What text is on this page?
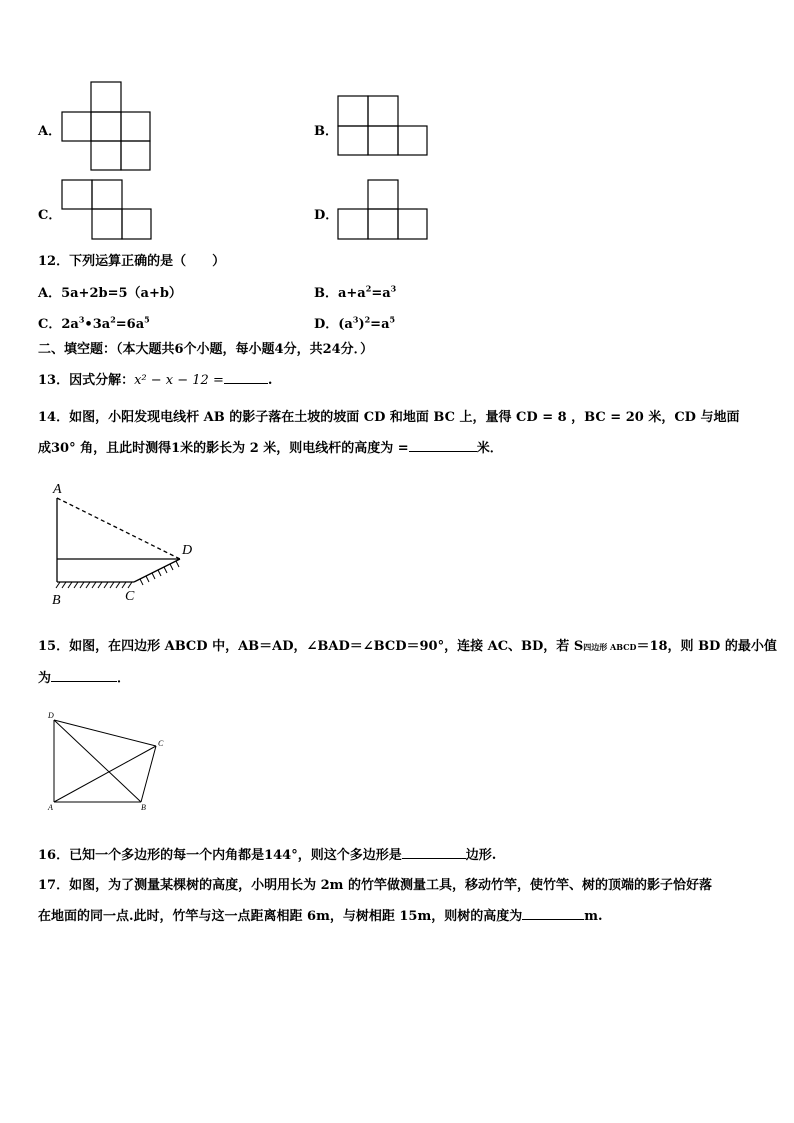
A．	B．
C．	D．
12．下列运算正确的是（　　）
A．5a+2b=5（a+b）	B．$a+a^2=a^3$
C．$2a^3•3a^2=6a^5$	D．$(a^3)^2=a^5$
二、填空题：（本大题共6个小题，每小题4分，共24分．）
13．因式分解：x² − x − 12 =	.
14．如图，小阳发现电线杆 AB 的影子落在土坡的坡面 CD 和地面 BC 上，量得 CD = 8 ，BC = 20 米，CD 与地面
成30° 角，且此时测得1米的影长为 2 米，则电线杆的高度为 =	米．
A
B	C
D
15．如图，在四边形 ABCD 中，AB＝AD，∠BAD＝∠BCD＝90°，连接 AC、BD，若 S四边形 ABCD＝18，则 BD 的最小值
为	．
D
A	B
C
16．已知一个多边形的每一个内角都是144°，则这个多边形是	边形.
17．如图，为了测量某棵树的高度，小明用长为 2m 的竹竿做测量工具，移动竹竿，使竹竿、树的顶端的影子恰好落
在地面的同一点.此时，竹竿与这一点距离相距 6m，与树相距 15m，则树的高度为	m.
